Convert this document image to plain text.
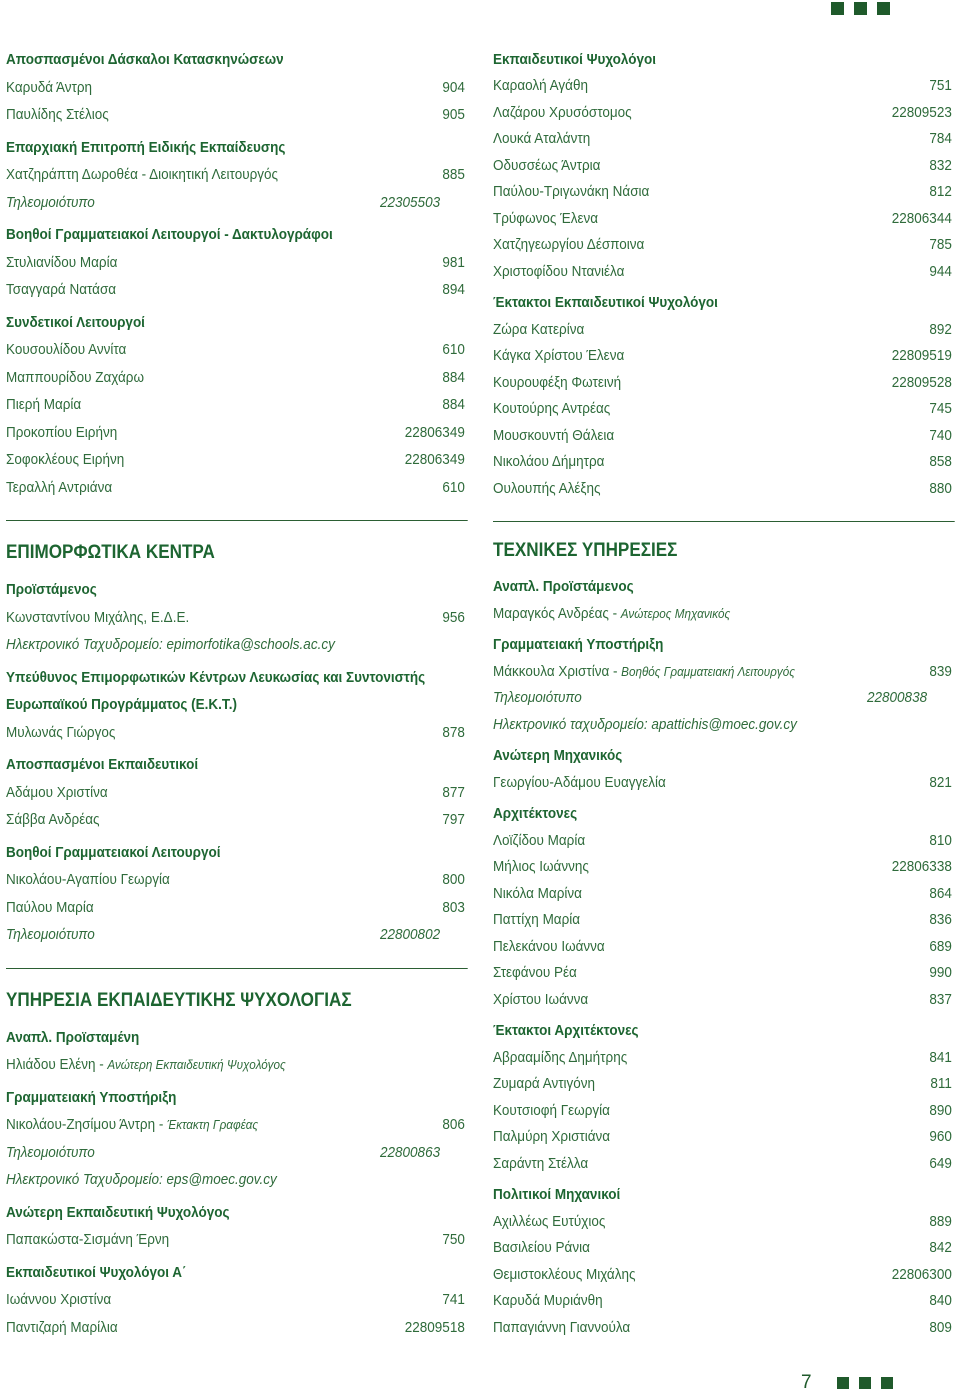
Αποσπασμένοι Δάσκαλοι Κατασκηνώσεων
Καρυδά Άντρη	904
Παυλίδης Στέλιος	905
Επαρχιακή Επιτροπή Ειδικής Εκπαίδευσης
Χατζηράπτη Δωροθέα - Διοικητική Λειτουργός	885
Τηλεομοιότυπο	22305503
Βοηθοί Γραμματειακοί Λειτουργοί - Δακτυλογράφοι
Στυλιανίδου Μαρία	981
Τσαγγαρά Νατάσα	894
Συνδετικοί Λειτουργοί
Κουσουλίδου Αννίτα	610
Μαππουρίδου Ζαχάρω	884
Πιερή Μαρία	884
Προκοπίου Ειρήνη	22806349
Σοφοκλέους Ειρήνη	22806349
Τεραλλή Αντριάνα	610
ΕΠΙΜΟΡΦΩΤΙΚΑ ΚΕΝΤΡΑ
Προϊστάμενος
Κωνσταντίνου Μιχάλης, Ε.Δ.Ε.	956
Ηλεκτρονικό Ταχυδρομείο: epimorfotika@schools.ac.cy
Υπεύθυνος Επιμορφωτικών Κέντρων Λευκωσίας και Συντονιστής
Ευρωπαϊκού Προγράμματος (Ε.Κ.Τ.)
Μυλωνάς Γιώργος	878
Αποσπασμένοι Εκπαιδευτικοί
Αδάμου Χριστίνα	877
Σάββα Ανδρέας	797
Βοηθοί Γραμματειακοί Λειτουργοί
Νικολάου-Αγαπίου Γεωργία	800
Παύλου Μαρία	803
Τηλεομοιότυπο	22800802
ΥΠΗΡΕΣΙΑ ΕΚΠΑΙΔΕΥΤΙΚΗΣ ΨΥΧΟΛΟΓΙΑΣ
Αναπλ. Προϊσταμένη
Ηλιάδου Ελένη - Ανώτερη Εκπαιδευτική Ψυχολόγος
Γραμματειακή Υποστήριξη
Νικολάου-Ζησίμου Άντρη - Έκτακτη Γραφέας	806
Τηλεομοιότυπο	22800863
Ηλεκτρονικό Ταχυδρομείο: eps@moec.gov.cy
Ανώτερη Εκπαιδευτική Ψυχολόγος
Παπακώστα-Σισμάνη Έρνη	750
Εκπαιδευτικοί Ψυχολόγοι Α΄
Ιωάννου Χριστίνα	741
Παντιζαρή Μαρίλια	22809518
Εκπαιδευτικοί Ψυχολόγοι
Καραολή Αγάθη	751
Λαζάρου Χρυσόστομος	22809523
Λουκά Αταλάντη	784
Οδυσσέως Άντρια	832
Παύλου-Τριγωνάκη Νάσια	812
Τρύφωνος Έλενα	22806344
Χατζηγεωργίου Δέσποινα	785
Χριστοφίδου Ντανιέλα	944
Έκτακτοι Εκπαιδευτικοί Ψυχολόγοι
Ζώρα Κατερίνα	892
Κάγκα Χρίστου Έλενα	22809519
Κουρουφέξη Φωτεινή	22809528
Κουτούρης Αντρέας	745
Μουσκουντή Θάλεια	740
Νικολάου Δήμητρα	858
Ουλουπής Αλέξης	880
ΤΕΧΝΙΚΕΣ ΥΠΗΡΕΣΙΕΣ
Αναπλ. Προϊστάμενος
Μαραγκός Ανδρέας - Ανώτερος Μηχανικός
Γραμματειακή Υποστήριξη
Μάκκουλα Χριστίνα - Βοηθός Γραμματειακή Λειτουργός	839
Τηλεομοιότυπο	22800838
Ηλεκτρονικό ταχυδρομείο: apattichis@moec.gov.cy
Ανώτερη Μηχανικός
Γεωργίου-Αδάμου Ευαγγελία	821
Αρχιτέκτονες
Λοϊζίδου Μαρία	810
Μήλιος Ιωάννης	22806338
Νικόλα Μαρίνα	864
Παττίχη Μαρία	836
Πελεκάνου Ιωάννα	689
Στεφάνου Ρέα	990
Χρίστου Ιωάννα	837
Έκτακτοι Αρχιτέκτονες
Αβρααμίδης Δημήτρης	841
Ζυμαρά Αντιγόνη	811
Κουτσιοφή Γεωργία	890
Παλμύρη Χριστιάνα	960
Σαράντη Στέλλα	649
Πολιτικοί Μηχανικοί
Αχιλλέως Ευτύχιος	889
Βασιλείου Ράνια	842
Θεμιστοκλέους Μιχάλης	22806300
Καρυδά Μυριάνθη	840
Παπαγιάννη Γιαννούλα	809
7
